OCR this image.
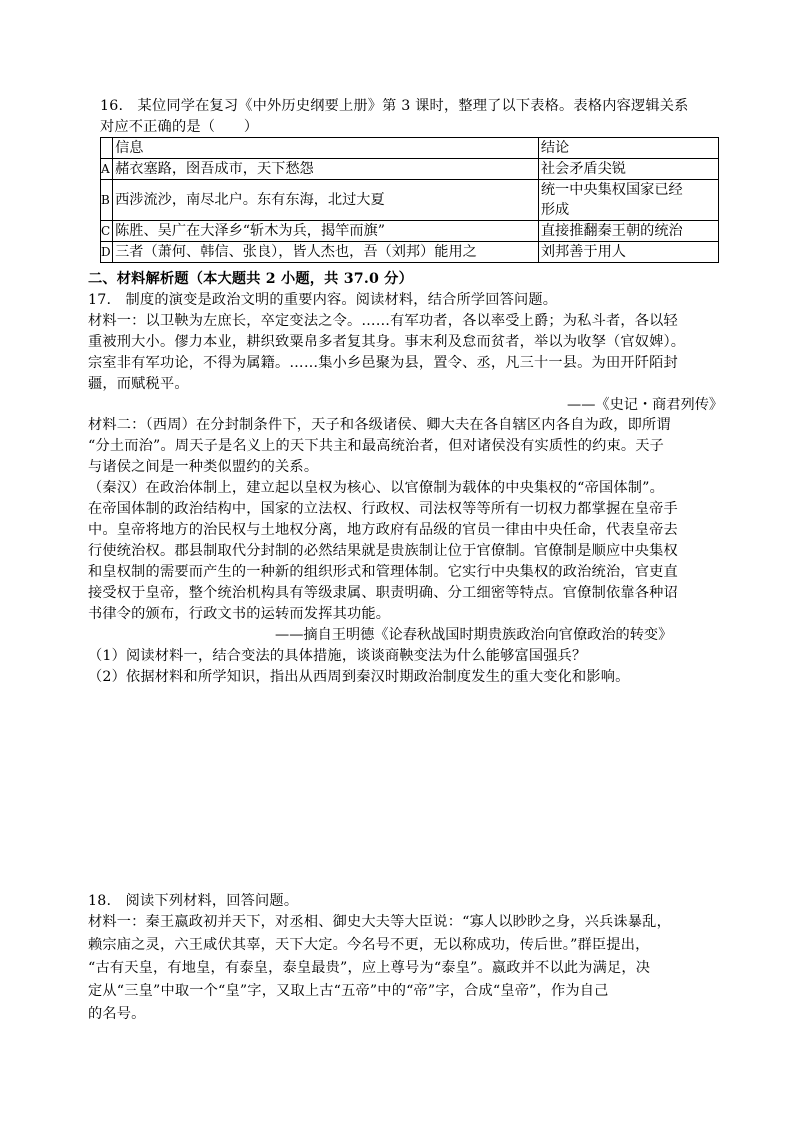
16.　某位同学在复习《中外历史纲要上册》第 3 课时，整理了以下表格。表格内容逻辑关系
对应不正确的是（　　）
	信息	结论
A	赭衣塞路，囹吾成市，天下愁怨	社会矛盾尖锐
B	西涉流沙，南尽北户。东有东海，北过大夏	统一中央集权国家已经
形成

C	陈胜、吴广在大泽乡“斩木为兵，揭竿而旗”	直接推翻秦王朝的统治
D	三者（萧何、韩信、张良），皆人杰也，吾（刘邦）能用之	刘邦善于用人
二、材料解析题（本大题共 2 小题，共 37.0 分）
17.　制度的演变是政治文明的重要内容。阅读材料，结合所学回答问题。
材料一：以卫鞅为左庶长，卒定变法之令。……有军功者，各以率受上爵；为私斗者，各以轻
重被刑大小。僇力本业，耕织致粟帛多者复其身。事末利及怠而贫者，举以为收孥（官奴婢）。
宗室非有军功论，不得为属籍。……集小乡邑聚为县，置令、丞，凡三十一县。为田开阡陌封
疆，而赋税平。
——《史记・商君列传》
材料二：（西周）在分封制条件下，天子和各级诸侯、卿大夫在各自辖区内各自为政，即所谓
“分土而治”。周天子是名义上的天下共主和最高统治者，但对诸侯没有实质性的约束。天子
与诸侯之间是一种类似盟约的关系。
（秦汉）在政治体制上，建立起以皇权为核心、以官僚制为载体的中央集权的“帝国体制”。
在帝国体制的政治结构中，国家的立法权、行政权、司法权等等所有一切权力都掌握在皇帝手
中。皇帝将地方的治民权与土地权分离，地方政府有品级的官员一律由中央任命，代表皇帝去
行使统治权。郡县制取代分封制的必然结果就是贵族制让位于官僚制。官僚制是顺应中央集权
和皇权制的需要而产生的一种新的组织形式和管理体制。它实行中央集权的政治统治，官吏直
接受权于皇帝，整个统治机构具有等级隶属、职责明确、分工细密等特点。官僚制依靠各种诏
书律令的颁布，行政文书的运转而发挥其功能。
——摘自王明德《论春秋战国时期贵族政治向官僚政治的转变》
（1）阅读材料一，结合变法的具体措施，谈谈商鞅变法为什么能够富国强兵？
（2）依据材料和所学知识，指出从西周到秦汉时期政治制度发生的重大变化和影响。
18.　阅读下列材料，回答问题。
材料一：秦王嬴政初并天下，对丞相、御史大夫等大臣说：“寡人以眇眇之身，兴兵诛暴乱，
赖宗庙之灵，六王咸伏其辜，天下大定。今名号不更，无以称成功，传后世。”群臣提出，
“古有天皇，有地皇，有泰皇，泰皇最贵”，应上尊号为“泰皇”。嬴政并不以此为满足，决
定从“三皇”中取一个“皇”字，又取上古“五帝”中的“帝”字，合成“皇帝”，作为自己
的名号。
